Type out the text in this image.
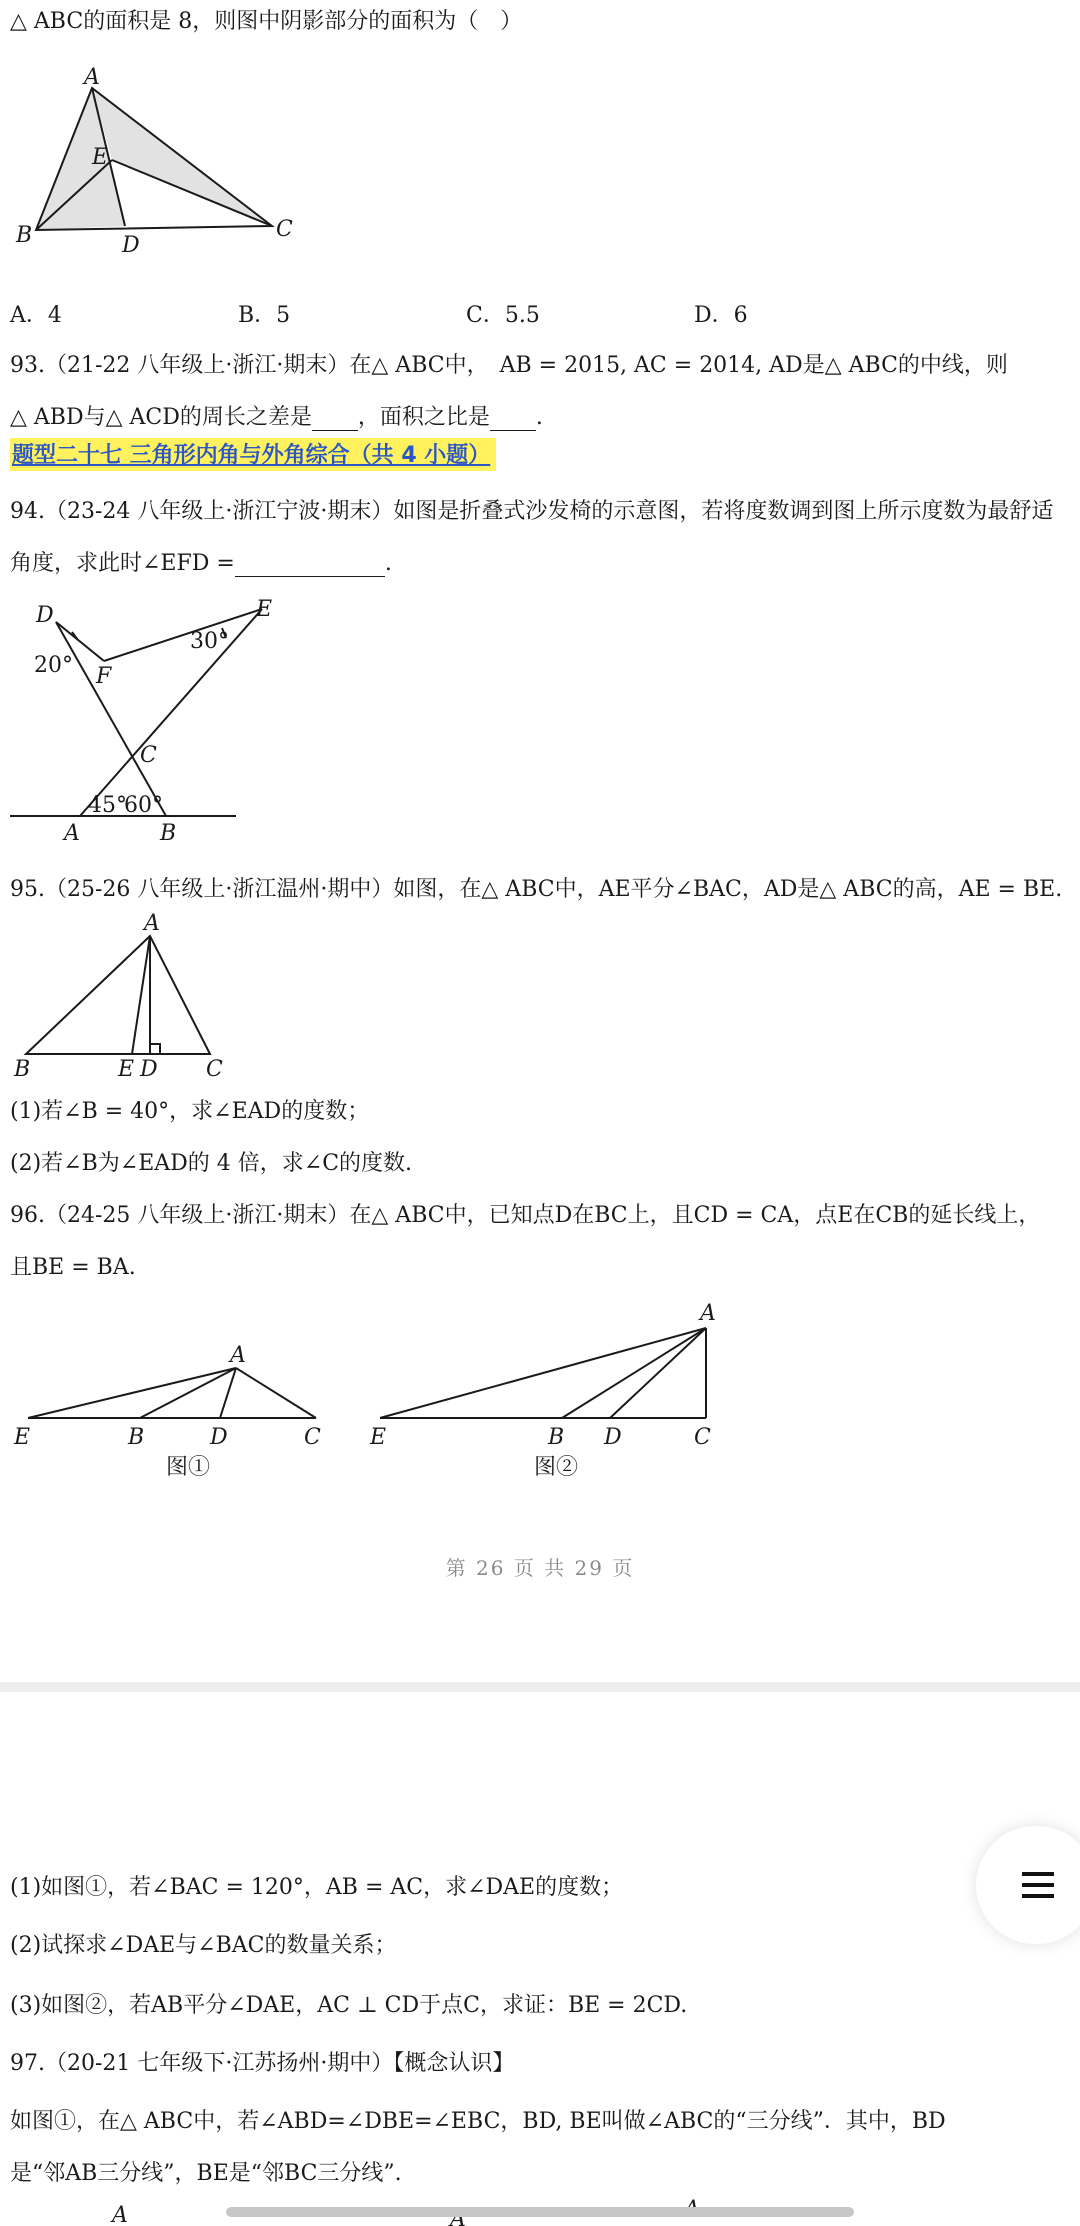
△ ABC的面积是 8，则图中阴影部分的面积为（　）
A
E
B	D
C
A．4	B．5	C．5.5	D．6
93.（21-22 八年级上·浙江·期末）在△ ABC中，　AB = 2015, AC = 2014, AD是△ ABC的中线，则
△ ABD与△ ACD的周长之差是 ，面积之比是 .
题型二十七 三角形内角与外角综合（共 4 小题）
94.（23-24 八年级上·浙江宁波·期末）如图是折叠式沙发椅的示意图，若将度数调到图上所示度数为最舒适
角度，求此时∠EFD =	.
D	E
F
C
A	B
20°
30°
45°
60°
95.（25-26 八年级上·浙江温州·期中）如图，在△ ABC中，AE平分∠BAC，AD是△ ABC的高，AE = BE.
A
B	E D C
(1)若∠B = 40°，求∠EAD的度数；
(2)若∠B为∠EAD的 4 倍，求∠C的度数.
96.（24-25 八年级上·浙江·期末）在△ ABC中，已知点D在BC上，且CD = CA，点E在CB的延长线上，
且BE = BA.
A
E	B	D	C
图①
A
E	B D	C
图②
第 26 页 共 29 页
(1)如图①，若∠BAC = 120°，AB = AC，求∠DAE的度数；
(2)试探求∠DAE与∠BAC的数量关系；
(3)如图②，若AB平分∠DAE，AC ⊥ CD于点C，求证：BE = 2CD.
97.（20-21 七年级下·江苏扬州·期中）【概念认识】
如图①，在△ ABC中，若∠ABD=∠DBE=∠EBC，BD, BE叫做∠ABC的“三分线”．其中，BD
是“邻AB三分线”，BE是“邻BC三分线”.
A
